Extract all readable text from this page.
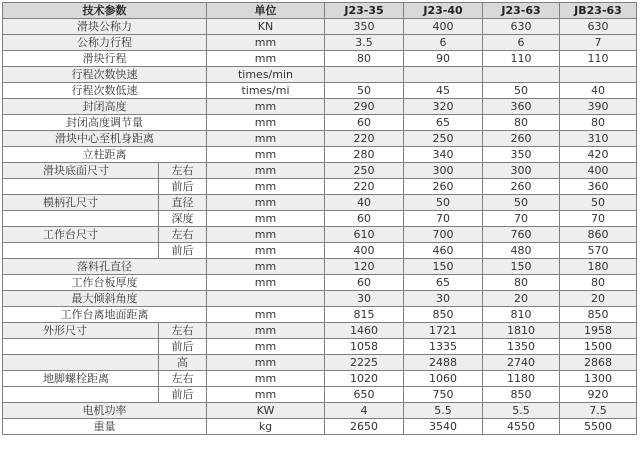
技术参数		单位	J23-35	J23-40	J23-63	JB23-63
滑块公称力		KN	350	400	630	630
公称力行程		mm	3.5	6	6	7
滑块行程		mm	80	90	110	110
行程次数快速		times/min				
行程次数低速		times/mi	50	45	50	40
封闭高度		mm	290	320	360	390
封闭高度调节量		mm	60	65	80	80
滑块中心至机身距离		mm	220	250	260	310
立柱距离		mm	280	340	350	420
滑块底面尺寸	左右	mm	250	300	300	400
	前后	mm	220	260	260	360
模柄孔尺寸	直径	mm	40	50	50	50
	深度	mm	60	70	70	70
工作台尺寸	左右	mm	610	700	760	860
	前后	mm	400	460	480	570
落料孔直径		mm	120	150	150	180
工作台板厚度		mm	60	65	80	80
最大倾斜角度			30	30	20	20
工作台离地面距离		mm	815	850	810	850
外形尺寸	左右	mm	1460	1721	1810	1958
	前后	mm	1058	1335	1350	1500
	高	mm	2225	2488	2740	2868
地脚螺栓距离	左右	mm	1020	1060	1180	1300
	前后	mm	650	750	850	920
电机功率		KW	4	5.5	5.5	7.5
重量		kg	2650	3540	4550	5500
